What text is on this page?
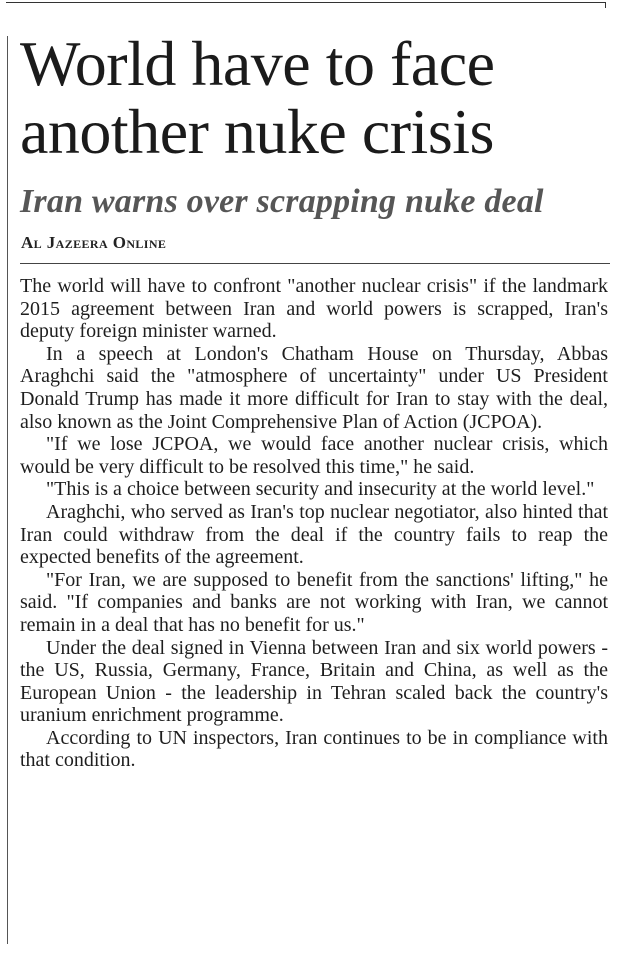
World have to face
another nuke crisis
Iran warns over scrapping nuke deal
Al Jazeera Online

The world will have to confront "another nuclear crisis" if the landmark 2015 agreement between Iran and world powers is scrapped, Iran's deputy foreign minister warned.

In a speech at London's Chatham House on Thursday, Abbas Araghchi said the "atmosphere of uncertainty" under US President Donald Trump has made it more difficult for Iran to stay with the deal, also known as the Joint Comprehensive Plan of Action (JCPOA).

"If we lose JCPOA, we would face another nuclear crisis, which would be very difficult to be resolved this time," he said.

"This is a choice between security and insecurity at the world level."

Araghchi, who served as Iran's top nuclear negotiator, also hinted that Iran could withdraw from the deal if the country fails to reap the expected benefits of the agreement.

"For Iran, we are supposed to benefit from the sanctions' lifting," he said. "If companies and banks are not working with Iran, we cannot remain in a deal that has no benefit for us."

Under the deal signed in Vienna between Iran and six world powers - the US, Russia, Germany, France, Britain and China, as well as the European Union - the leadership in Tehran scaled back the country's uranium enrichment programme.

According to UN inspectors, Iran continues to be in compliance with that condition.
